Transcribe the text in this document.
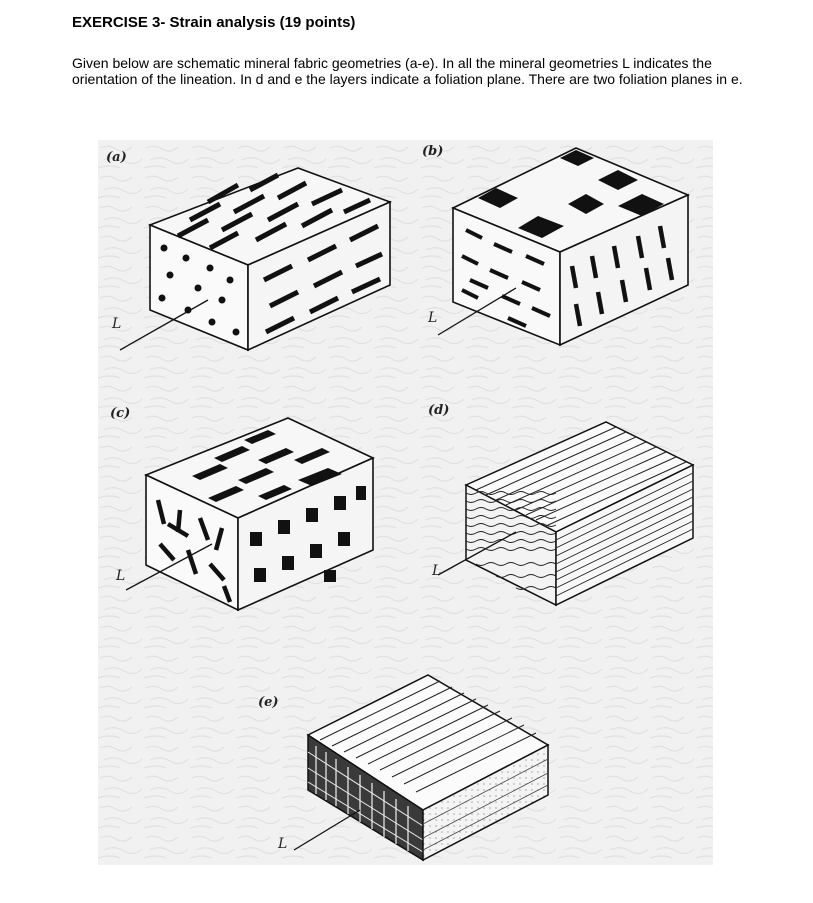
EXERCISE 3- Strain analysis (19 points)
Given below are schematic mineral fabric geometries (a-e). In all the mineral geometries L indicates the orientation of the lineation. In d and e the layers indicate a foliation plane. There are two foliation planes in e.
(a)
L
(b)
L
(c)
L
(d)
L
(e)
L
